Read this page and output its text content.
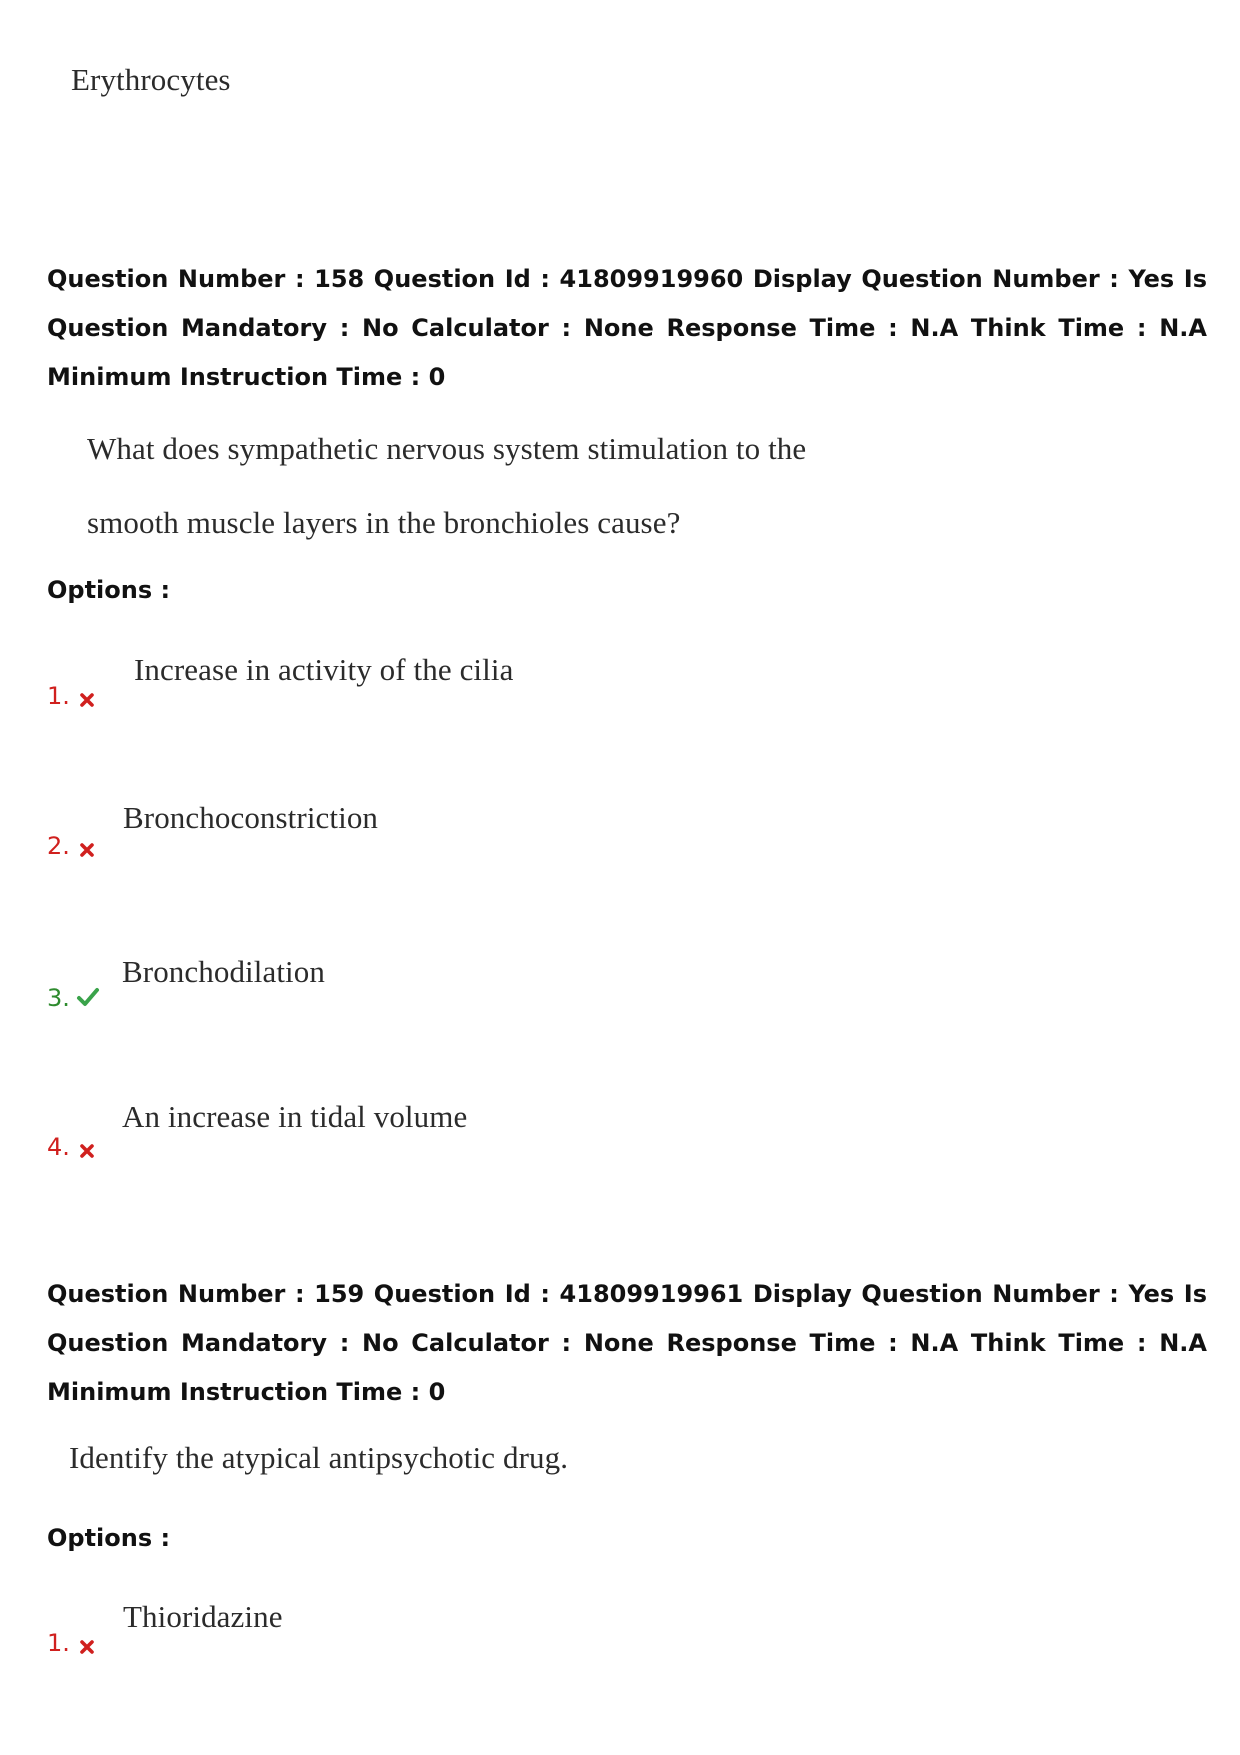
Erythrocytes
Question Number : 158 Question Id : 41809919960 Display Question Number : Yes Is Question Mandatory : No Calculator : None Response Time : N.A Think Time : N.A Minimum Instruction Time : 0
What does sympathetic nervous system stimulation to the
smooth muscle layers in the bronchioles cause?
Options :
Increase in activity of the cilia
1.
Bronchoconstriction
2.
Bronchodilation
3.
An increase in tidal volume
4.
Question Number : 159 Question Id : 41809919961 Display Question Number : Yes Is Question Mandatory : No Calculator : None Response Time : N.A Think Time : N.A Minimum Instruction Time : 0
Identify the atypical antipsychotic drug.
Options :
Thioridazine
1.
